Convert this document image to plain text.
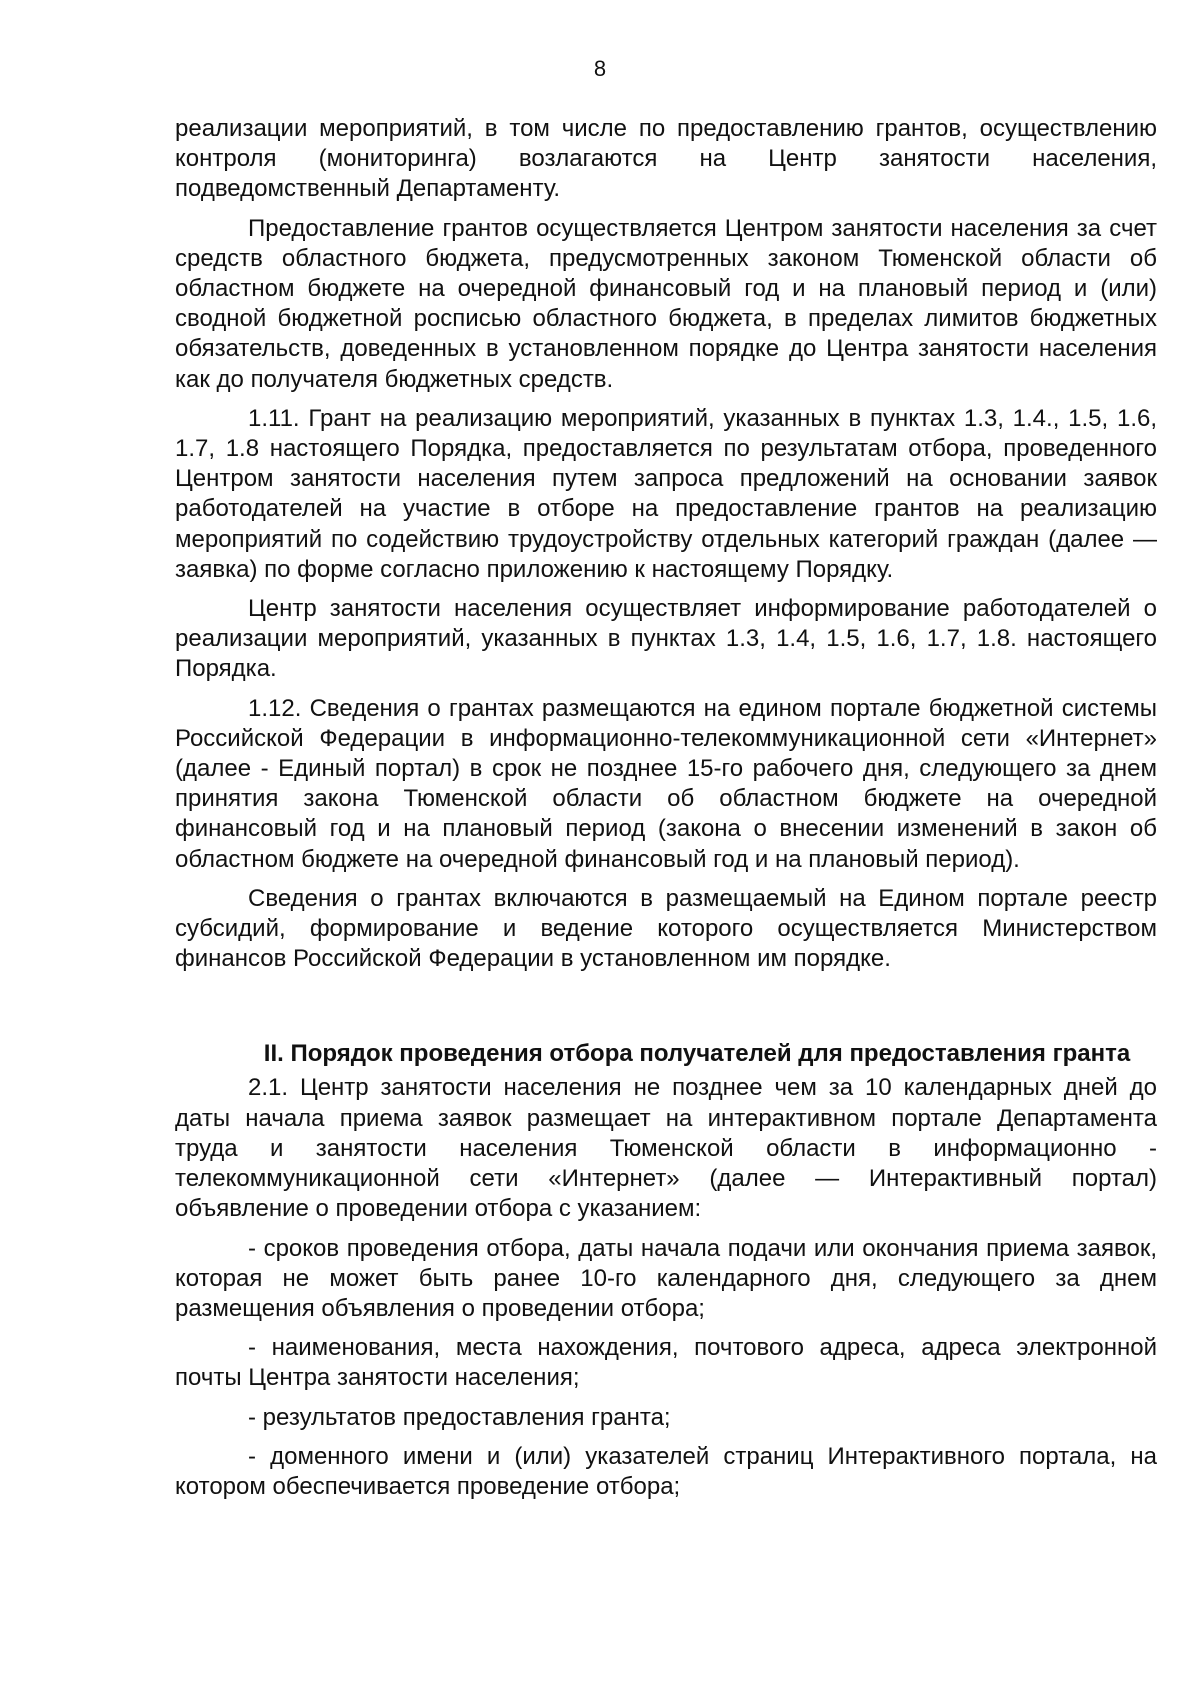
8

реализации мероприятий, в том числе по предоставлению грантов, осуществлению контроля (мониторинга) возлагаются на Центр занятости населения, подведомственный Департаменту.

Предоставление грантов осуществляется Центром занятости населения за счет средств областного бюджета, предусмотренных законом Тюменской области об областном бюджете на очередной финансовый год и на плановый период и (или) сводной бюджетной росписью областного бюджета, в пределах лимитов бюджетных обязательств, доведенных в установленном порядке до Центра занятости населения как до получателя бюджетных средств.

1.11. Грант на реализацию мероприятий, указанных в пунктах 1.3, 1.4., 1.5, 1.6, 1.7, 1.8 настоящего Порядка, предоставляется по результатам отбора, проведенного Центром занятости населения путем запроса предложений на основании заявок работодателей на участие в отборе на предоставление грантов на реализацию мероприятий по содействию трудоустройству отдельных категорий граждан (далее — заявка) по форме согласно приложению к настоящему Порядку.

Центр занятости населения осуществляет информирование работодателей о реализации мероприятий, указанных в пунктах 1.3, 1.4, 1.5, 1.6, 1.7, 1.8. настоящего Порядка.

1.12. Сведения о грантах размещаются на едином портале бюджетной системы Российской Федерации в информационно-телекоммуникационной сети «Интернет» (далее - Единый портал) в срок не позднее 15-го рабочего дня, следующего за днем принятия закона Тюменской области об областном бюджете на очередной финансовый год и на плановый период (закона о внесении изменений в закон об областном бюджете на очередной финансовый год и на плановый период).

Сведения о грантах включаются в размещаемый на Едином портале реестр субсидий, формирование и ведение которого осуществляется Министерством финансов Российской Федерации в установленном им порядке.

II. Порядок проведения отбора получателей для предоставления гранта

2.1. Центр занятости населения не позднее чем за 10 календарных дней до даты начала приема заявок размещает на интерактивном портале Департамента труда и занятости населения Тюменской области в информационно - телекоммуникационной сети «Интернет» (далее — Интерактивный портал) объявление о проведении отбора с указанием:

- сроков проведения отбора, даты начала подачи или окончания приема заявок, которая не может быть ранее 10-го календарного дня, следующего за днем размещения объявления о проведении отбора;

- наименования, места нахождения, почтового адреса, адреса электронной почты Центра занятости населения;

- результатов предоставления гранта;

- доменного имени и (или) указателей страниц Интерактивного портала, на котором обеспечивается проведение отбора;
